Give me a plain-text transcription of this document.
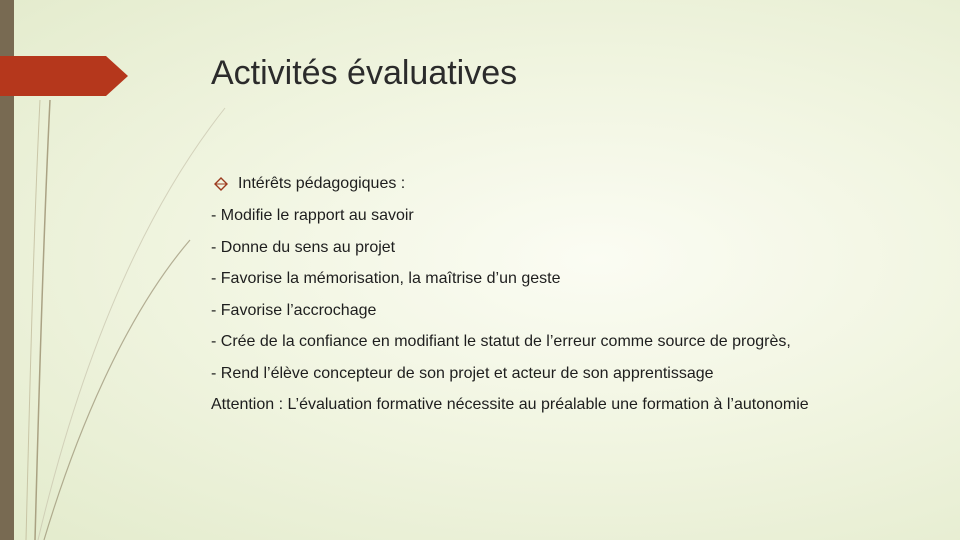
Activités évaluatives
Intérêts pédagogiques :
- Modifie le rapport au savoir
- Donne du sens au projet
- Favorise la mémorisation, la maîtrise d’un geste
- Favorise l’accrochage
- Crée de la confiance en modifiant le statut de l’erreur comme source de progrès,
- Rend l’élève concepteur de son projet et acteur de son apprentissage
Attention : L’évaluation formative nécessite au préalable une formation à l’autonomie
